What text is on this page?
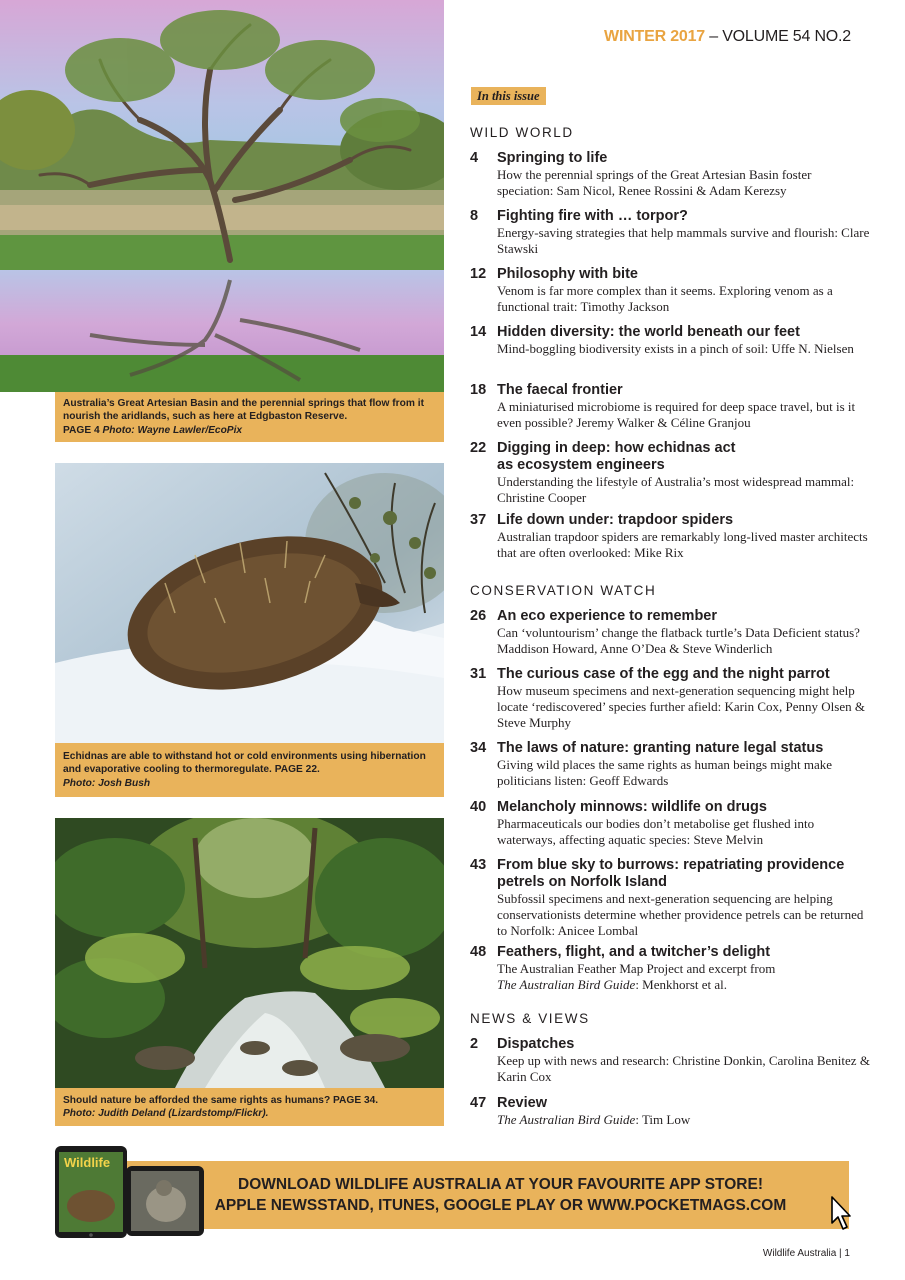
Australia’s Great Artesian Basin and the perennial springs that flow from it nourish the aridlands, such as here at Edgbaston Reserve.
PAGE 4 Photo: Wayne Lawler/EcoPix
Echidnas are able to withstand hot or cold environments using hibernation and evaporative cooling to thermoregulate. PAGE 22.
Photo: Josh Bush
Should nature be afforded the same rights as humans? PAGE 34.
Photo: Judith Deland (Lizardstomp/Flickr).
WINTER 2017 – VOLUME 54 NO.2
In this issue
WILD WORLD
4 Springing to life
How the perennial springs of the Great Artesian Basin foster speciation: Sam Nicol, Renee Rossini & Adam Kerezsy
8 Fighting fire with … torpor?
Energy-saving strategies that help mammals survive and flourish: Clare Stawski
12 Philosophy with bite
Venom is far more complex than it seems. Exploring venom as a functional trait: Timothy Jackson
14 Hidden diversity: the world beneath our feet
Mind-boggling biodiversity exists in a pinch of soil: Uffe N. Nielsen
18 The faecal frontier
A miniaturised microbiome is required for deep space travel, but is it even possible? Jeremy Walker & Céline Granjou
22 Digging in deep: how echidnas act as ecosystem engineers
Understanding the lifestyle of Australia’s most widespread mammal: Christine Cooper
37 Life down under: trapdoor spiders
Australian trapdoor spiders are remarkably long-lived master architects that are often overlooked: Mike Rix
CONSERVATION WATCH
26 An eco experience to remember
Can ‘voluntourism’ change the flatback turtle’s Data Deficient status? Maddison Howard, Anne O’Dea & Steve Winderlich
31 The curious case of the egg and the night parrot
How museum specimens and next-generation sequencing might help locate ‘rediscovered’ species further afield: Karin Cox, Penny Olsen & Steve Murphy
34 The laws of nature: granting nature legal status
Giving wild places the same rights as human beings might make politicians listen: Geoff Edwards
40 Melancholy minnows: wildlife on drugs
Pharmaceuticals our bodies don’t metabolise get flushed into waterways, affecting aquatic species: Steve Melvin
43 From blue sky to burrows: repatriating providence petrels on Norfolk Island
Subfossil specimens and next-generation sequencing are helping conservationists determine whether providence petrels can be returned to Norfolk: Anicee Lombal
48 Feathers, flight, and a twitcher’s delight
The Australian Feather Map Project and excerpt from
The Australian Bird Guide: Menkhorst et al.
NEWS & VIEWS
2 Dispatches
Keep up with news and research: Christine Donkin, Carolina Benitez & Karin Cox
47 Review
The Australian Bird Guide: Tim Low
DOWNLOAD WILDLIFE AUSTRALIA AT YOUR FAVOURITE APP STORE!
APPLE NEWSSTAND, ITUNES, GOOGLE PLAY OR WWW.POCKETMAGS.COM
Wildlife
Wildlife Australia | 1
